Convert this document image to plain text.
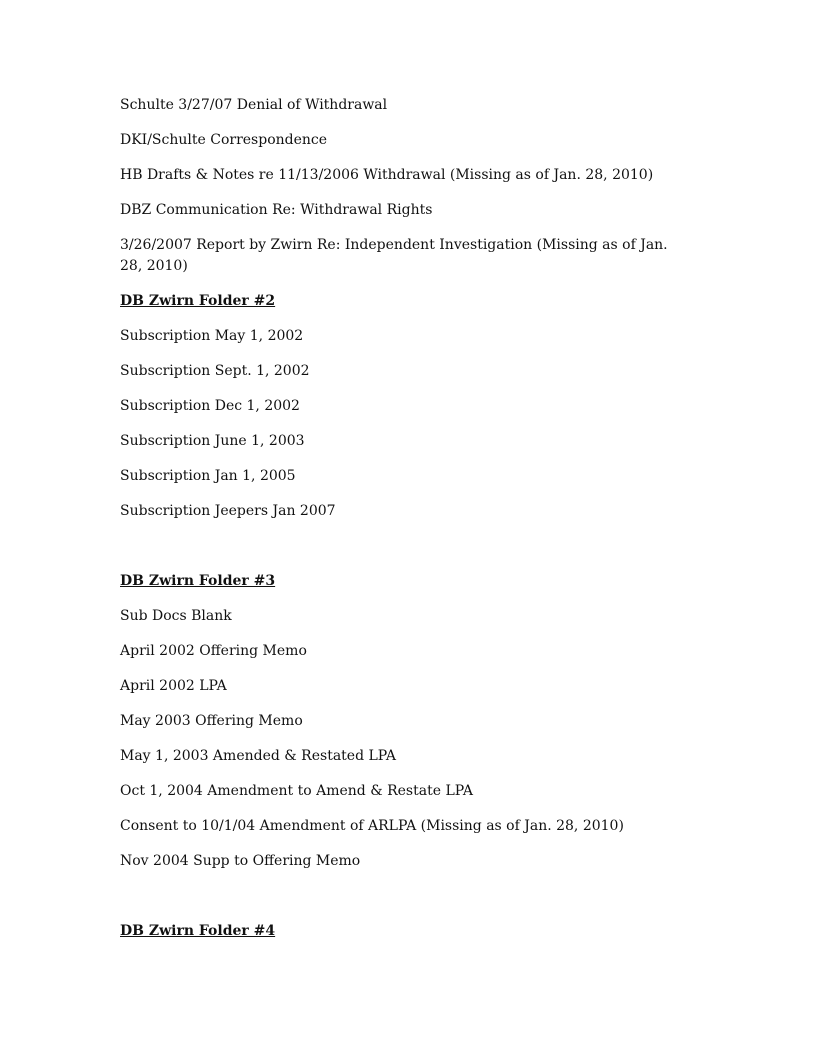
Schulte 3/27/07 Denial of Withdrawal
DKI/Schulte Correspondence
HB Drafts & Notes re 11/13/2006 Withdrawal (Missing as of Jan. 28, 2010)
DBZ Communication Re: Withdrawal Rights
3/26/2007 Report by Zwirn Re: Independent Investigation (Missing as of Jan. 28, 2010)
DB Zwirn Folder #2
Subscription May 1, 2002
Subscription Sept. 1, 2002
Subscription Dec 1, 2002
Subscription June 1, 2003
Subscription Jan 1, 2005
Subscription Jeepers Jan 2007
DB Zwirn Folder #3
Sub Docs Blank
April 2002 Offering Memo
April 2002 LPA
May 2003 Offering Memo
May 1, 2003 Amended & Restated LPA
Oct 1, 2004 Amendment to Amend & Restate LPA
Consent to 10/1/04 Amendment of ARLPA (Missing as of Jan. 28, 2010)
Nov 2004 Supp to Offering Memo
DB Zwirn Folder #4
